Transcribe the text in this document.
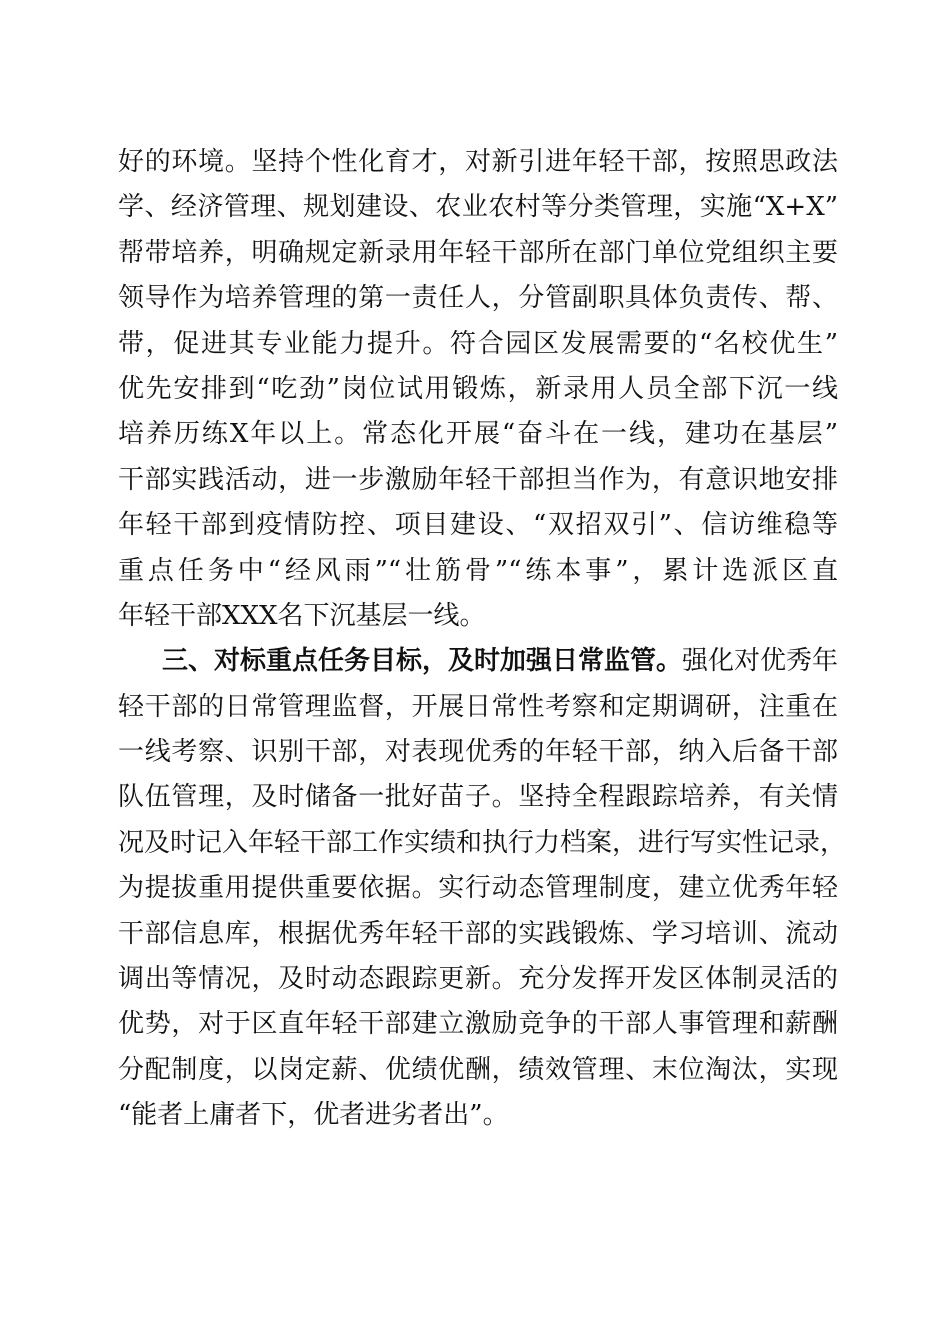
好的环境。坚持个性化育才，对新引进年轻干部，按照思政法
学、经济管理、规划建设、农业农村等分类管理，实施“X+X”
帮带培养，明确规定新录用年轻干部所在部门单位党组织主要
领导作为培养管理的第一责任人，分管副职具体负责传、帮、
带，促进其专业能力提升。符合园区发展需要的“名校优生”
优先安排到“吃劲”岗位试用锻炼，新录用人员全部下沉一线
培养历练X年以上。常态化开展“奋斗在一线，建功在基层”
干部实践活动，进一步激励年轻干部担当作为，有意识地安排
年轻干部到疫情防控、项目建设、“双招双引”、信访维稳等
重点任务中“经风雨”“壮筋骨”“练本事”，累计选派区直
年轻干部XXX名下沉基层一线。
三、对标重点任务目标，及时加强日常监管。强化对优秀年
轻干部的日常管理监督，开展日常性考察和定期调研，注重在
一线考察、识别干部，对表现优秀的年轻干部，纳入后备干部
队伍管理，及时储备一批好苗子。坚持全程跟踪培养，有关情
况及时记入年轻干部工作实绩和执行力档案，进行写实性记录，
为提拔重用提供重要依据。实行动态管理制度，建立优秀年轻
干部信息库，根据优秀年轻干部的实践锻炼、学习培训、流动
调出等情况，及时动态跟踪更新。充分发挥开发区体制灵活的
优势，对于区直年轻干部建立激励竞争的干部人事管理和薪酬
分配制度，以岗定薪、优绩优酬，绩效管理、末位淘汰，实现
“能者上庸者下，优者进劣者出”。
